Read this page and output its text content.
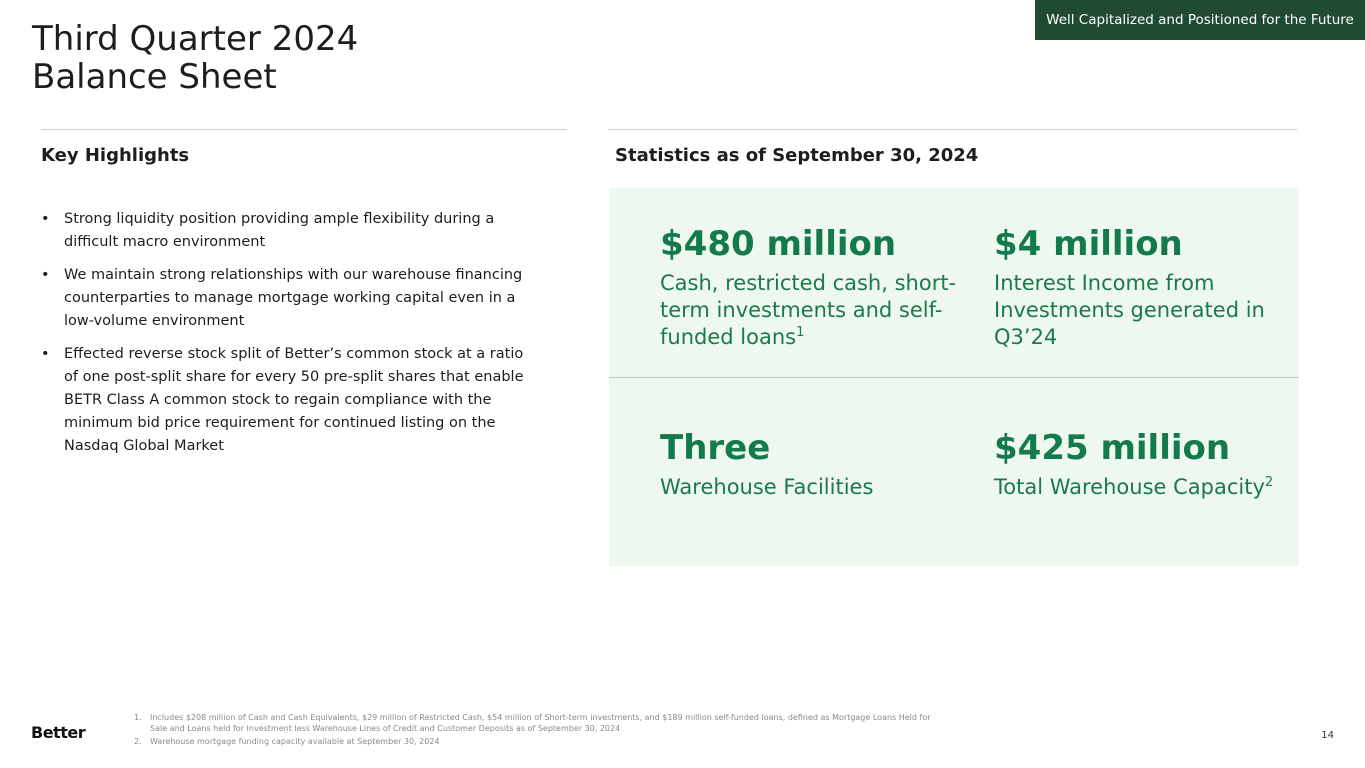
Well Capitalized and Positioned for the Future
Third Quarter 2024
Balance Sheet
Key Highlights	Statistics as of September 30, 2024
• Strong liquidity position providing ample flexibility during a difficult macro environment
• We maintain strong relationships with our warehouse financing counterparties to manage mortgage working capital even in a low-volume environment
• Effected reverse stock split of Better’s common stock at a ratio of one post-split share for every 50 pre-split shares that enable BETR Class A common stock to regain compliance with the minimum bid price requirement for continued listing on the Nasdaq Global Market
$480 million
Cash, restricted cash, short-term investments and self-funded loans$^1$
$4 million
Interest Income from Investments generated in Q3’24
Three
Warehouse Facilities
$425 million
Total Warehouse Capacity$^2$
Better
1. Includes $208 million of Cash and Cash Equivalents, $29 million of Restricted Cash, $54 million of Short-term investments, and $189 million self-funded loans, defined as Mortgage Loans Held for Sale and Loans held for Investment less Warehouse Lines of Credit and Customer Deposits as of September 30, 2024
2. Warehouse mortgage funding capacity available at September 30, 2024
14
